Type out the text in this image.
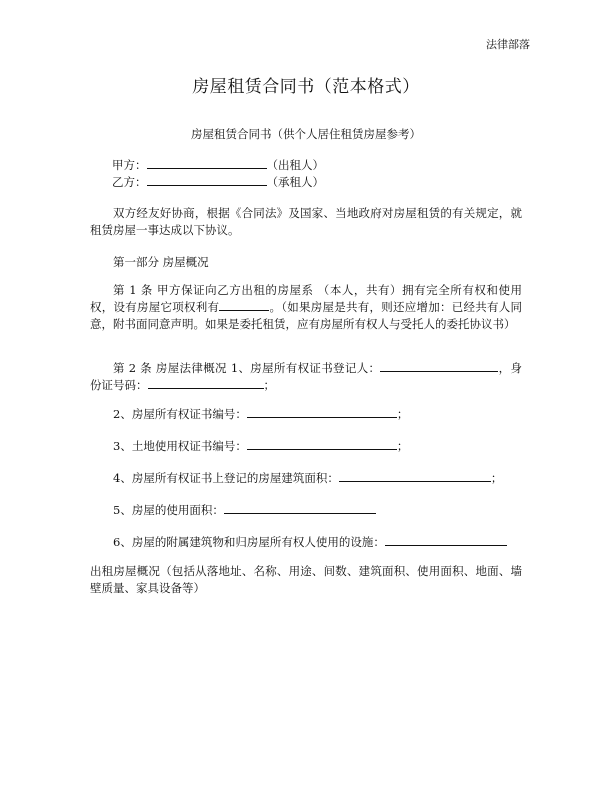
法律部落
房屋租赁合同书（范本格式）
房屋租赁合同书（供个人居住租赁房屋参考）
甲方：	（出租人）
乙方：	（承租人）
双方经友好协商，根据《合同法》及国家、当地政府对房屋租赁的有关规定，就租赁房屋一事达成以下协议。
第一部分 房屋概况
第 1 条 甲方保证向乙方出租的房屋系 （本人，共有）拥有完全所有权和使用权，设有房屋它项权利有	。（如果房屋是共有，则还应增加：已经共有人同意，附书面同意声明。如果是委托租赁，应有房屋所有权人与受托人的委托协议书）
第 2 条 房屋法律概况 1、房屋所有权证书登记人：	，身份证号码：	；
2、房屋所有权证书编号：	；
3、土地使用权证书编号：	；
4、房屋所有权证书上登记的房屋建筑面积：	；
5、房屋的使用面积：
6、房屋的附属建筑物和归房屋所有权人使用的设施：
出租房屋概况（包括从落地址、名称、用途、间数、建筑面积、使用面积、地面、墙壁质量、家具设备等）
